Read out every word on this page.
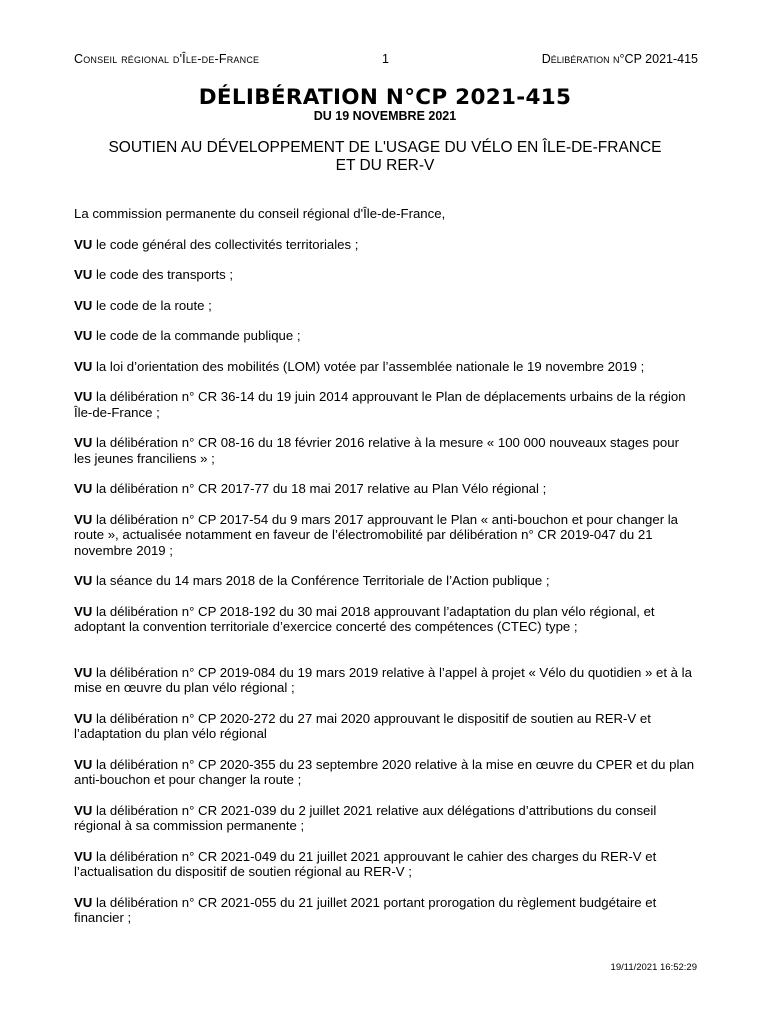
Conseil régional d'Île-de-France	1	Délibération n°CP 2021-415
DÉLIBÉRATION N°CP 2021-415
DU 19 NOVEMBRE 2021
SOUTIEN AU DÉVELOPPEMENT DE L'USAGE DU VÉLO EN ÎLE-DE-FRANCE
ET DU RER-V

La commission permanente du conseil régional d'Île-de-France,

VU le code général des collectivités territoriales ;

VU le code des transports ;

VU le code de la route ;

VU le code de la commande publique ;

VU la loi d’orientation des mobilités (LOM) votée par l’assemblée nationale le 19 novembre 2019 ;

VU la délibération n° CR 36-14 du 19 juin 2014 approuvant le Plan de déplacements urbains de la région Île-de-France ;

VU la délibération n° CR 08-16 du 18 février 2016 relative à la mesure « 100 000 nouveaux stages pour les jeunes franciliens » ;

VU la délibération n° CR 2017-77 du 18 mai 2017 relative au Plan Vélo régional ;

VU la délibération n° CP 2017-54 du 9 mars 2017 approuvant le Plan « anti-bouchon et pour changer la route », actualisée notamment en faveur de l’électromobilité par délibération n° CR 2019-047 du 21 novembre 2019 ;

VU la séance du 14 mars 2018 de la Conférence Territoriale de l’Action publique ;

VU la délibération n° CP 2018-192 du 30 mai 2018 approuvant l’adaptation du plan vélo régional, et adoptant la convention territoriale d’exercice concerté des compétences (CTEC) type ;

VU la délibération n° CP 2019-084 du 19 mars 2019 relative à l’appel à projet « Vélo du quotidien » et à la mise en œuvre du plan vélo régional ;

VU la délibération n° CP 2020-272 du 27 mai 2020 approuvant le dispositif de soutien au RER-V et l’adaptation du plan vélo régional

VU la délibération n° CP 2020-355 du 23 septembre 2020 relative à la mise en œuvre du CPER et du plan anti-bouchon et pour changer la route ;

VU la délibération n° CR 2021-039 du 2 juillet 2021 relative aux délégations d’attributions du conseil régional à sa commission permanente ;

VU la délibération n° CR 2021-049 du 21 juillet 2021 approuvant le cahier des charges du RER-V et l’actualisation du dispositif de soutien régional au RER-V ;

VU la délibération n° CR 2021-055 du 21 juillet 2021 portant prorogation du règlement budgétaire et financier ;

19/11/2021 16:52:29
